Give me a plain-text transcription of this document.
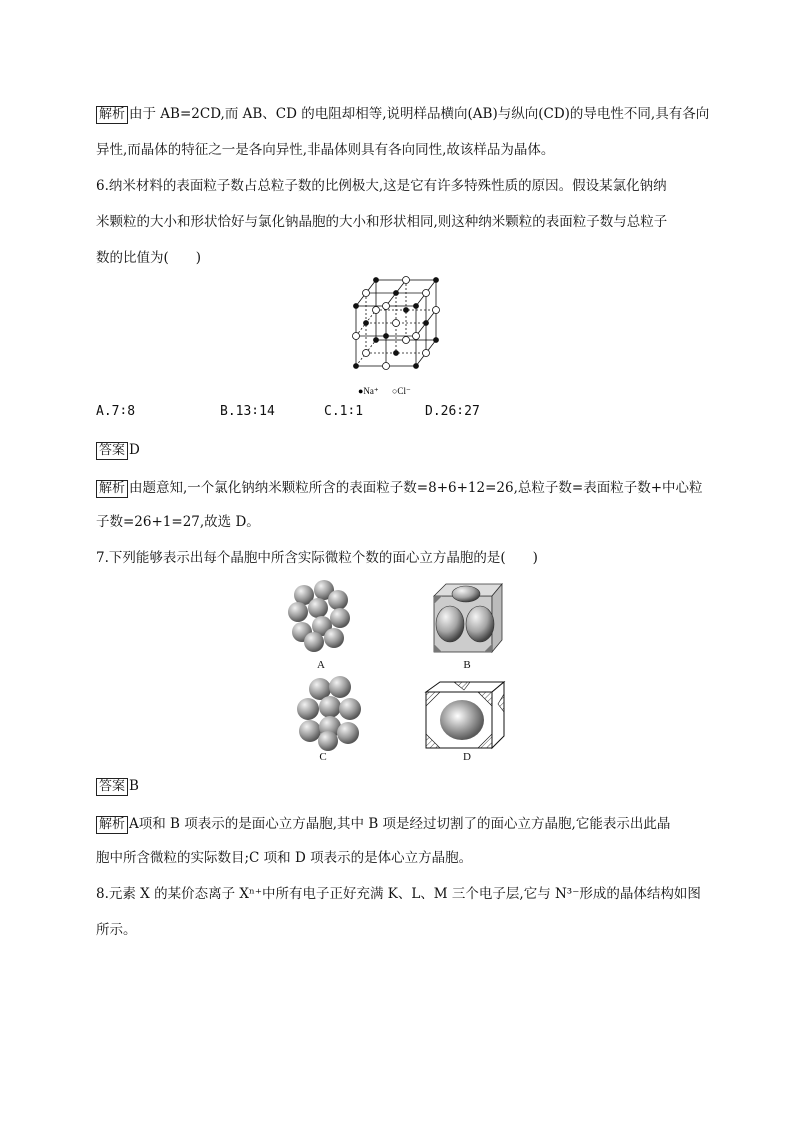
解析 由于 AB=2CD,而 AB、CD 的电阻却相等,说明样品横向(AB)与纵向(CD)的导电性不同,具有各向
异性,而晶体的特征之一是各向异性,非晶体则具有各向同性,故该样品为晶体。
6.纳米材料的表面粒子数占总粒子数的比例极大,这是它有许多特殊性质的原因。假设某氯化钠纳
米颗粒的大小和形状恰好与氯化钠晶胞的大小和形状相同,则这种纳米颗粒的表面粒子数与总粒子
数的比值为(　　)
●Na⁺ ○Cl⁻
A.7∶8	B.13∶14	C.1∶1	D.26∶27
答案 D
解析 由题意知,一个氯化钠纳米颗粒所含的表面粒子数=8+6+12=26,总粒子数=表面粒子数+中心粒
子数=26+1=27,故选 D。
7.下列能够表示出每个晶胞中所含实际微粒个数的面心立方晶胞的是(　　)
A	B
C	D
答案 B
解析 A项和 B 项表示的是面心立方晶胞,其中 B 项是经过切割了的面心立方晶胞,它能表示出此晶
胞中所含微粒的实际数目;C 项和 D 项表示的是体心立方晶胞。
8.元素 X 的某价态离子 Xⁿ⁺中所有电子正好充满 K、L、M 三个电子层,它与 N³⁻形成的晶体结构如图
所示。
